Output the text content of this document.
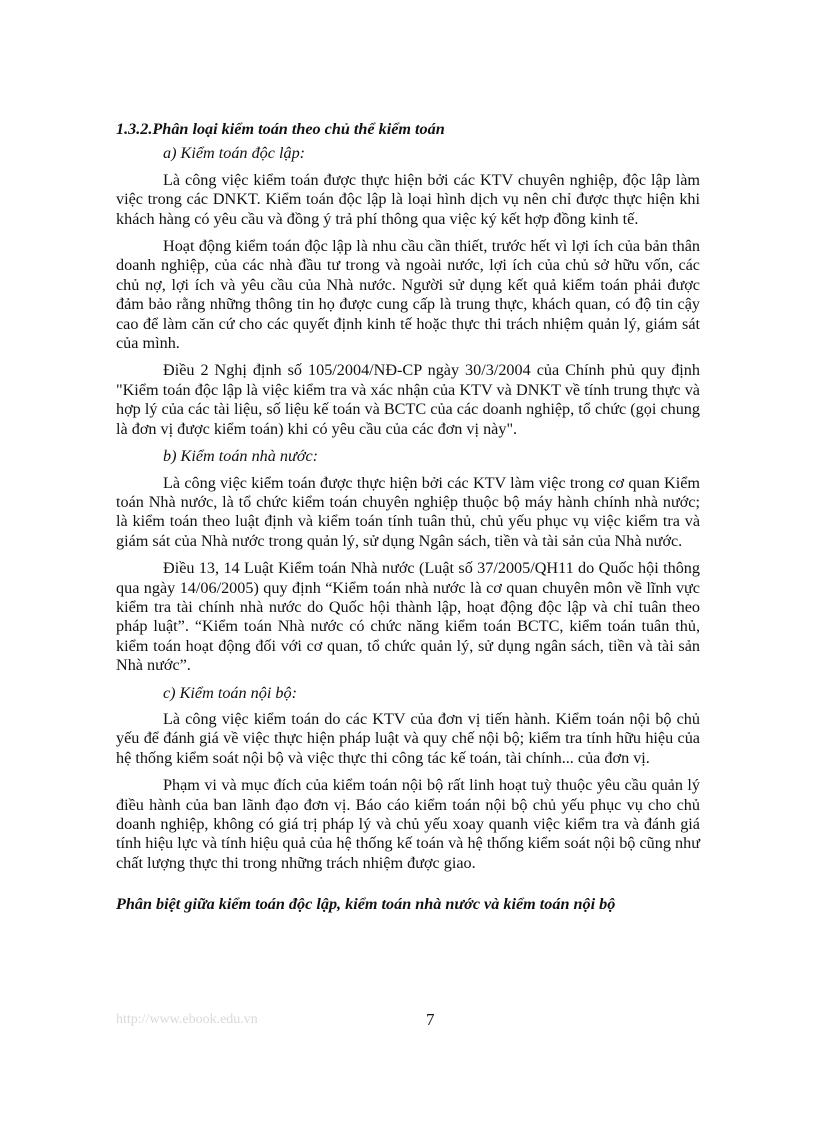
1.3.2.Phân loại kiểm toán theo chủ thể kiểm toán
a) Kiểm toán độc lập:

Là công việc kiểm toán được thực hiện bởi các KTV chuyên nghiệp, độc lập làm việc trong các DNKT. Kiểm toán độc lập là loại hình dịch vụ nên chỉ được thực hiện khi khách hàng có yêu cầu và đồng ý trả phí thông qua việc ký kết hợp đồng kinh tế.

Hoạt động kiểm toán độc lập là nhu cầu cần thiết, trước hết vì lợi ích của bản thân doanh nghiệp, của các nhà đầu tư trong và ngoài nước, lợi ích của chủ sở hữu vốn, các chủ nợ, lợi ích và yêu cầu của Nhà nước. Người sử dụng kết quả kiểm toán phải được đảm bảo rằng những thông tin họ được cung cấp là trung thực, khách quan, có độ tin cậy cao để làm căn cứ cho các quyết định kinh tế hoặc thực thi trách nhiệm quản lý, giám sát của mình.

Điều 2 Nghị định số 105/2004/NĐ-CP ngày 30/3/2004 của Chính phủ quy định "Kiểm toán độc lập là việc kiểm tra và xác nhận của KTV và DNKT về tính trung thực và hợp lý của các tài liệu, số liệu kế toán và BCTC của các doanh nghiệp, tổ chức (gọi chung là đơn vị được kiểm toán) khi có yêu cầu của các đơn vị này".

b) Kiểm toán nhà nước:

Là công việc kiểm toán được thực hiện bởi các KTV làm việc trong cơ quan Kiểm toán Nhà nước, là tổ chức kiểm toán chuyên nghiệp thuộc bộ máy hành chính nhà nước; là kiểm toán theo luật định và kiểm toán tính tuân thủ, chủ yếu phục vụ việc kiểm tra và giám sát của Nhà nước trong quản lý, sử dụng Ngân sách, tiền và tài sản của Nhà nước.

Điều 13, 14 Luật Kiểm toán Nhà nước (Luật số 37/2005/QH11 do Quốc hội thông qua ngày 14/06/2005) quy định “Kiểm toán nhà nước là cơ quan chuyên môn về lĩnh vực kiểm tra tài chính nhà nước do Quốc hội thành lập, hoạt động độc lập và chỉ tuân theo pháp luật”. “Kiểm toán Nhà nước có chức năng kiểm toán BCTC, kiểm toán tuân thủ, kiểm toán hoạt động đối với cơ quan, tổ chức quản lý, sử dụng ngân sách, tiền và tài sản Nhà nước”.

c) Kiểm toán nội bộ:

Là công việc kiểm toán do các KTV của đơn vị tiến hành. Kiểm toán nội bộ chủ yếu để đánh giá về việc thực hiện pháp luật và quy chế nội bộ; kiểm tra tính hữu hiệu của hệ thống kiểm soát nội bộ và việc thực thi công tác kế toán, tài chính... của đơn vị.

Phạm vi và mục đích của kiểm toán nội bộ rất linh hoạt tuỳ thuộc yêu cầu quản lý điều hành của ban lãnh đạo đơn vị. Báo cáo kiểm toán nội bộ chủ yếu phục vụ cho chủ doanh nghiệp, không có giá trị pháp lý và chủ yếu xoay quanh việc kiểm tra và đánh giá tính hiệu lực và tính hiệu quả của hệ thống kế toán và hệ thống kiểm soát nội bộ cũng như chất lượng thực thi trong những trách nhiệm được giao.

Phân biệt giữa kiểm toán độc lập, kiểm toán nhà nước và kiểm toán nội bộ
http://www.ebook.edu.vn	7
